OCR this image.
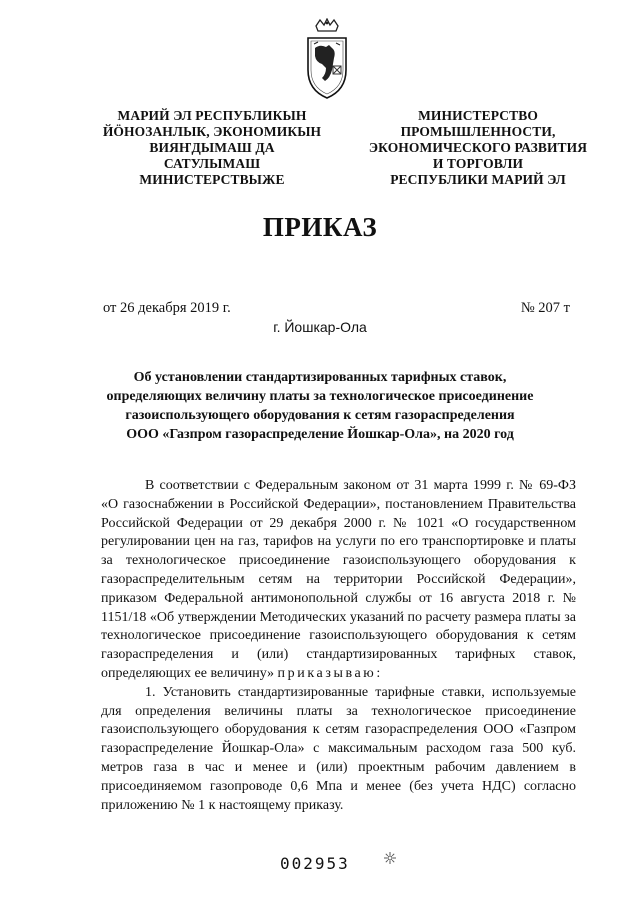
МАРИЙ ЭЛ РЕСПУБЛИКЫН
ЙӦНОЗАНЛЫК, ЭКОНОМИКЫН
ВИЯҤДЫМАШ ДА
САТУЛЫМАШ
МИНИСТЕРСТВЫЖЕ
МИНИСТЕРСТВО
ПРОМЫШЛЕННОСТИ,
ЭКОНОМИЧЕСКОГО РАЗВИТИЯ
И ТОРГОВЛИ
РЕСПУБЛИКИ МАРИЙ ЭЛ
ПРИКАЗ
от 26 декабря 2019 г.	№ 207 т
г. Йошкар-Ола
Об установлении стандартизированных тарифных ставок,
определяющих величину платы за технологическое присоединение
газоиспользующего оборудования к сетям газораспределения
ООО «Газпром газораспределение Йошкар-Ола», на 2020 год

В соответствии с Федеральным законом от 31 марта 1999 г. № 69-ФЗ «О газоснабжении в Российской Федерации», постановлением Правительства Российской Федерации от 29 декабря 2000 г. № 1021 «О государственном регулировании цен на газ, тарифов на услуги по его транспортировке и платы за технологическое присоединение газоиспользующего оборудования к газораспределительным сетям на территории Российской Федерации», приказом Федеральной антимонопольной службы от 16 августа 2018 г. № 1151/18 «Об утверждении Методических указаний по расчету размера платы за технологическое присоединение газоиспользующего оборудования к сетям газораспределения и (или) стандартизированных тарифных ставок, определяющих ее величину» приказываю:

1. Установить стандартизированные тарифные ставки, используемые для определения величины платы за технологическое присоединение газоиспользующего оборудования к сетям газораспределения ООО «Газпром газораспределение Йошкар-Ола» с максимальным расходом газа 500 куб. метров газа в час и менее и (или) проектным рабочим давлением в присоединяемом газопроводе 0,6 Мпа и менее (без учета НДС) согласно приложению № 1 к настоящему приказу.

002953
